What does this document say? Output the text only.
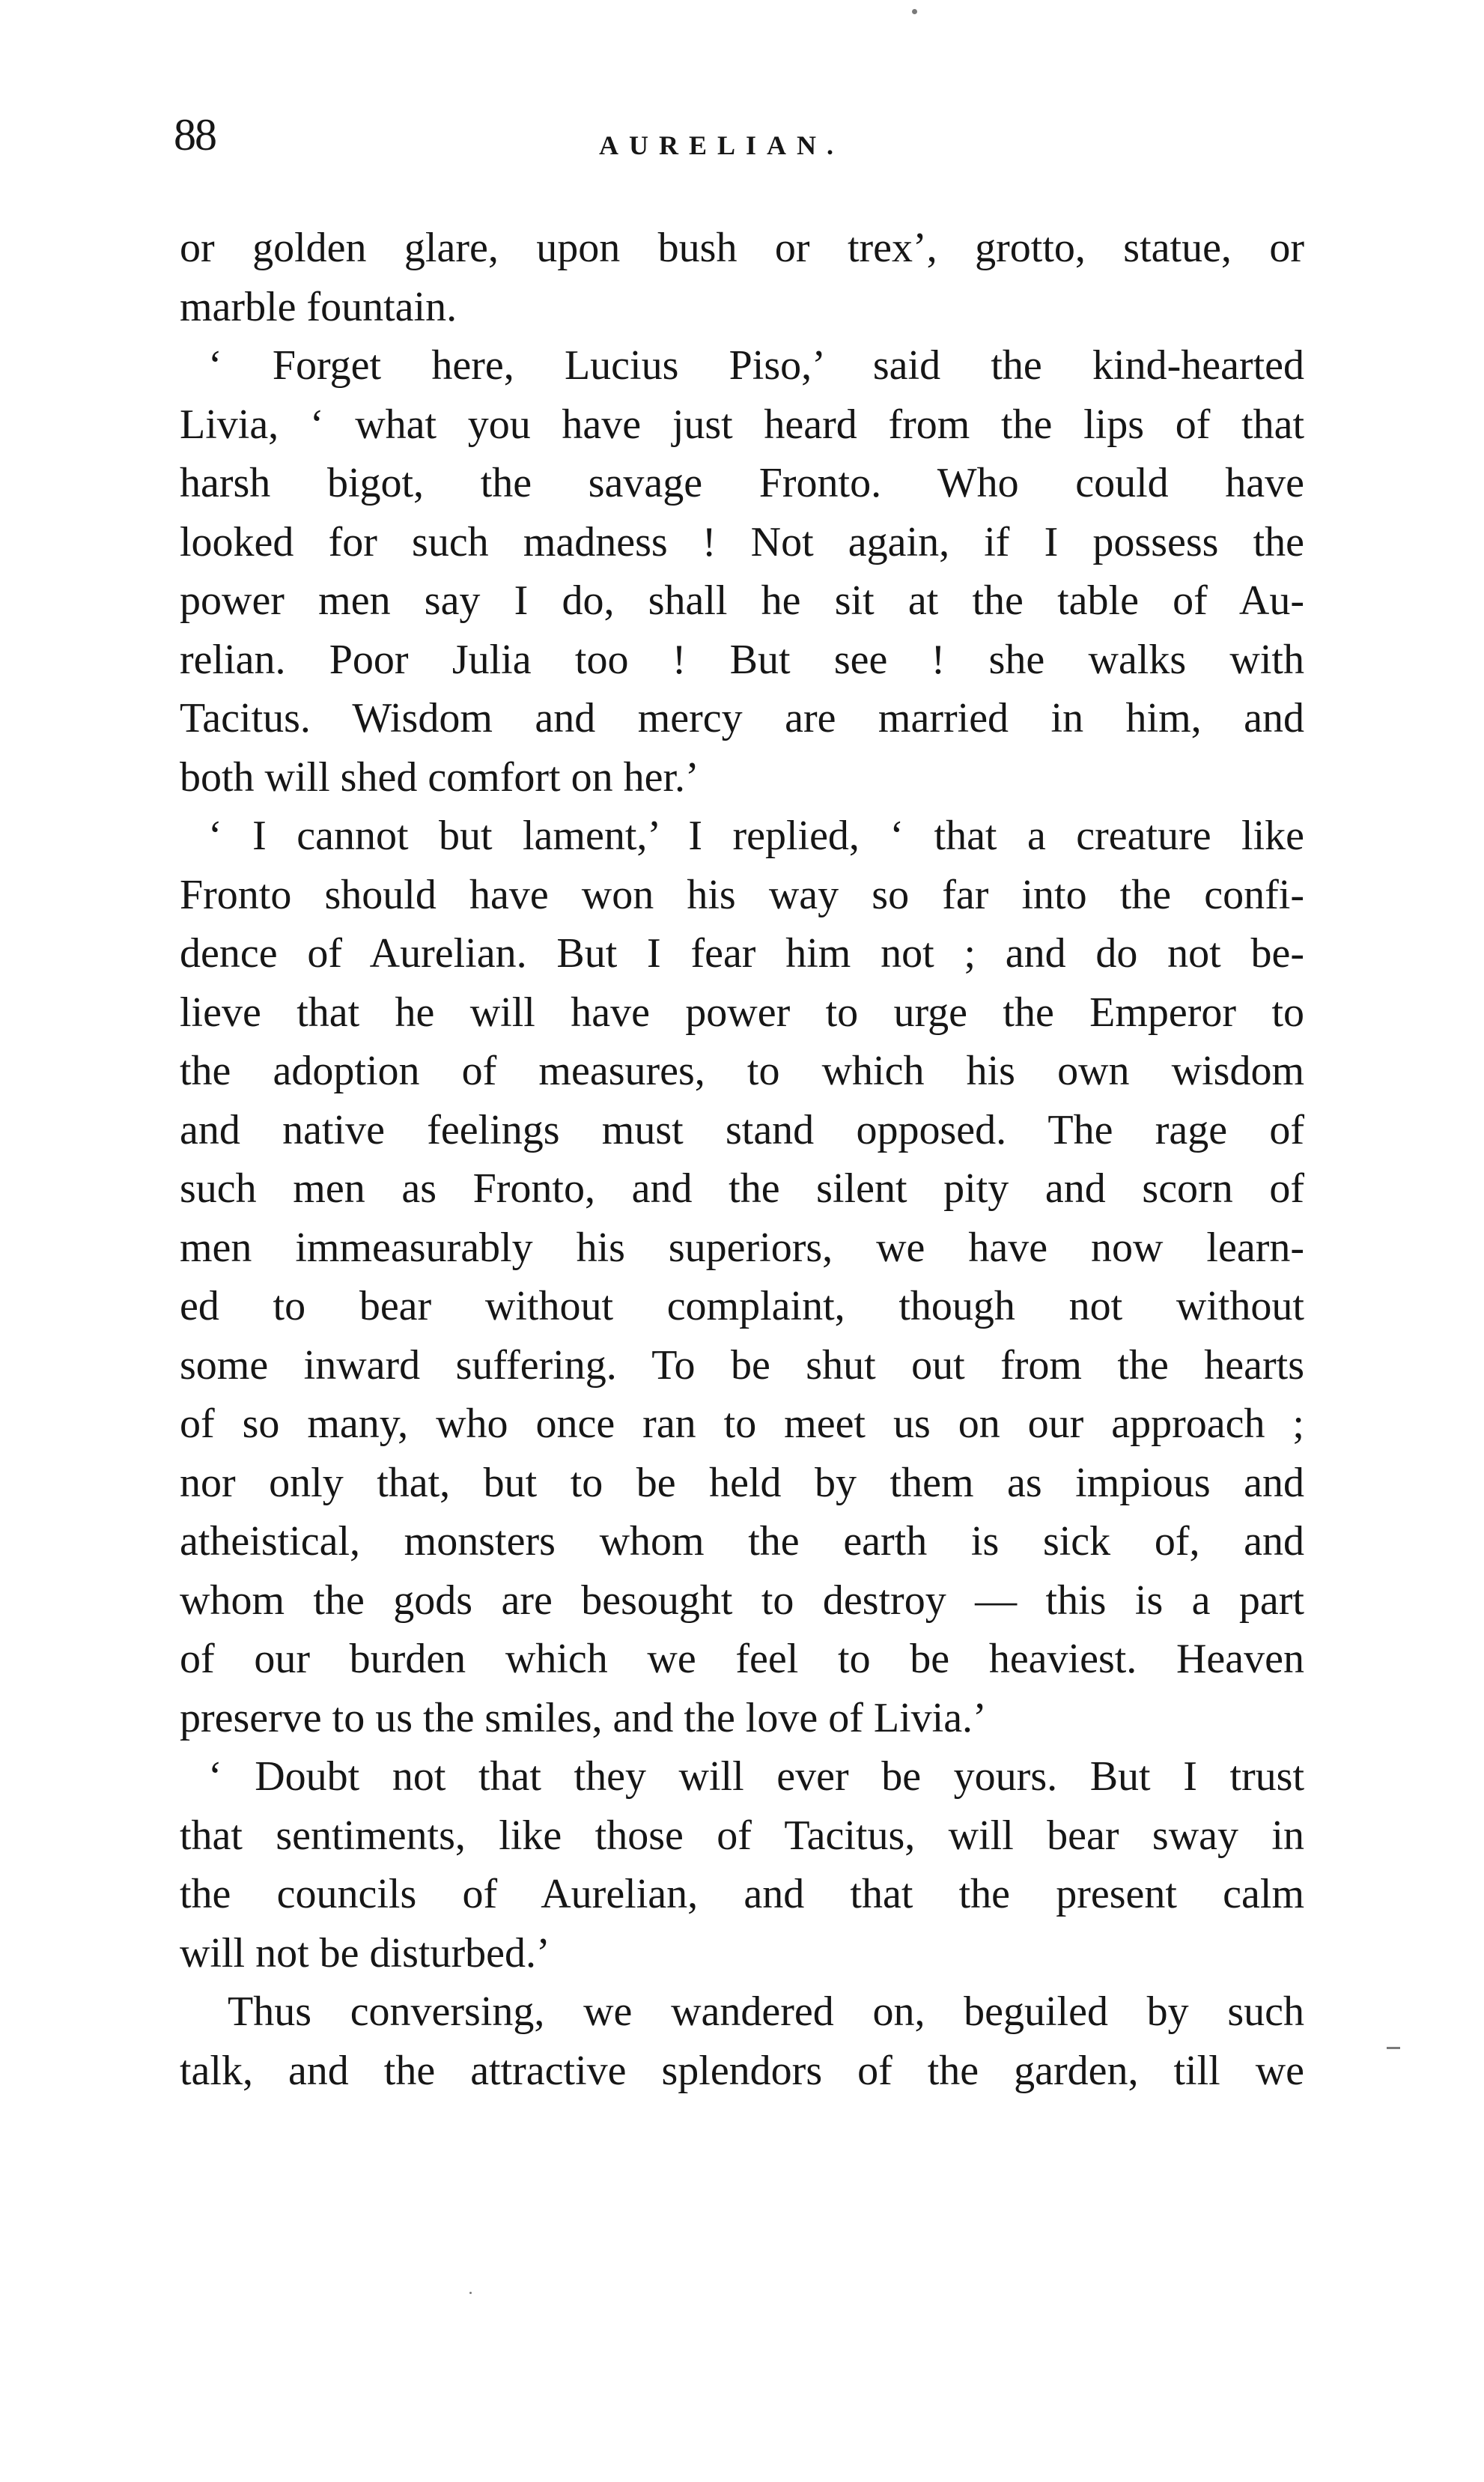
88	AURELIAN.
or golden glare, upon bush or treх’, grotto, statue, or
marble fountain.
‘ Forget here, Lucius Piso,’ said the kind-hearted
Livia, ‘ what you have just heard from the lips of that
harsh bigot, the savage Fronto. Who could have
looked for such madness ! Not again, if I possess the
power men say I do, shall he sit at the table of Au-
relian. Poor Julia too ! But see ! she walks with
Tacitus. Wisdom and mercy are married in him, and
both will shed comfort on her.’
‘ I cannot but lament,’ I replied, ‘ that a creature like
Fronto should have won his way so far into the confi-
dence of Aurelian. But I fear him not ; and do not be-
lieve that he will have power to urge the Emperor to
the adoption of measures, to which his own wisdom
and native feelings must stand opposed. The rage of
such men as Fronto, and the silent pity and scorn of
men immeasurably his superiors, we have now learn-
ed to bear without complaint, though not without
some inward suffering. To be shut out from the hearts
of so many, who once ran to meet us on our approach ;
nor only that, but to be held by them as impious and
atheistical, monsters whom the earth is sick of, and
whom the gods are besought to destroy — this is a part
of our burden which we feel to be heaviest. Heaven
preserve to us the smiles, and the love of Livia.’
‘ Doubt not that they will ever be yours. But I trust
that sentiments, like those of Tacitus, will bear sway in
the councils of Aurelian, and that the present calm
will not be disturbed.’
Thus conversing, we wandered on, beguiled by such
talk, and the attractive splendors of the garden, till we
